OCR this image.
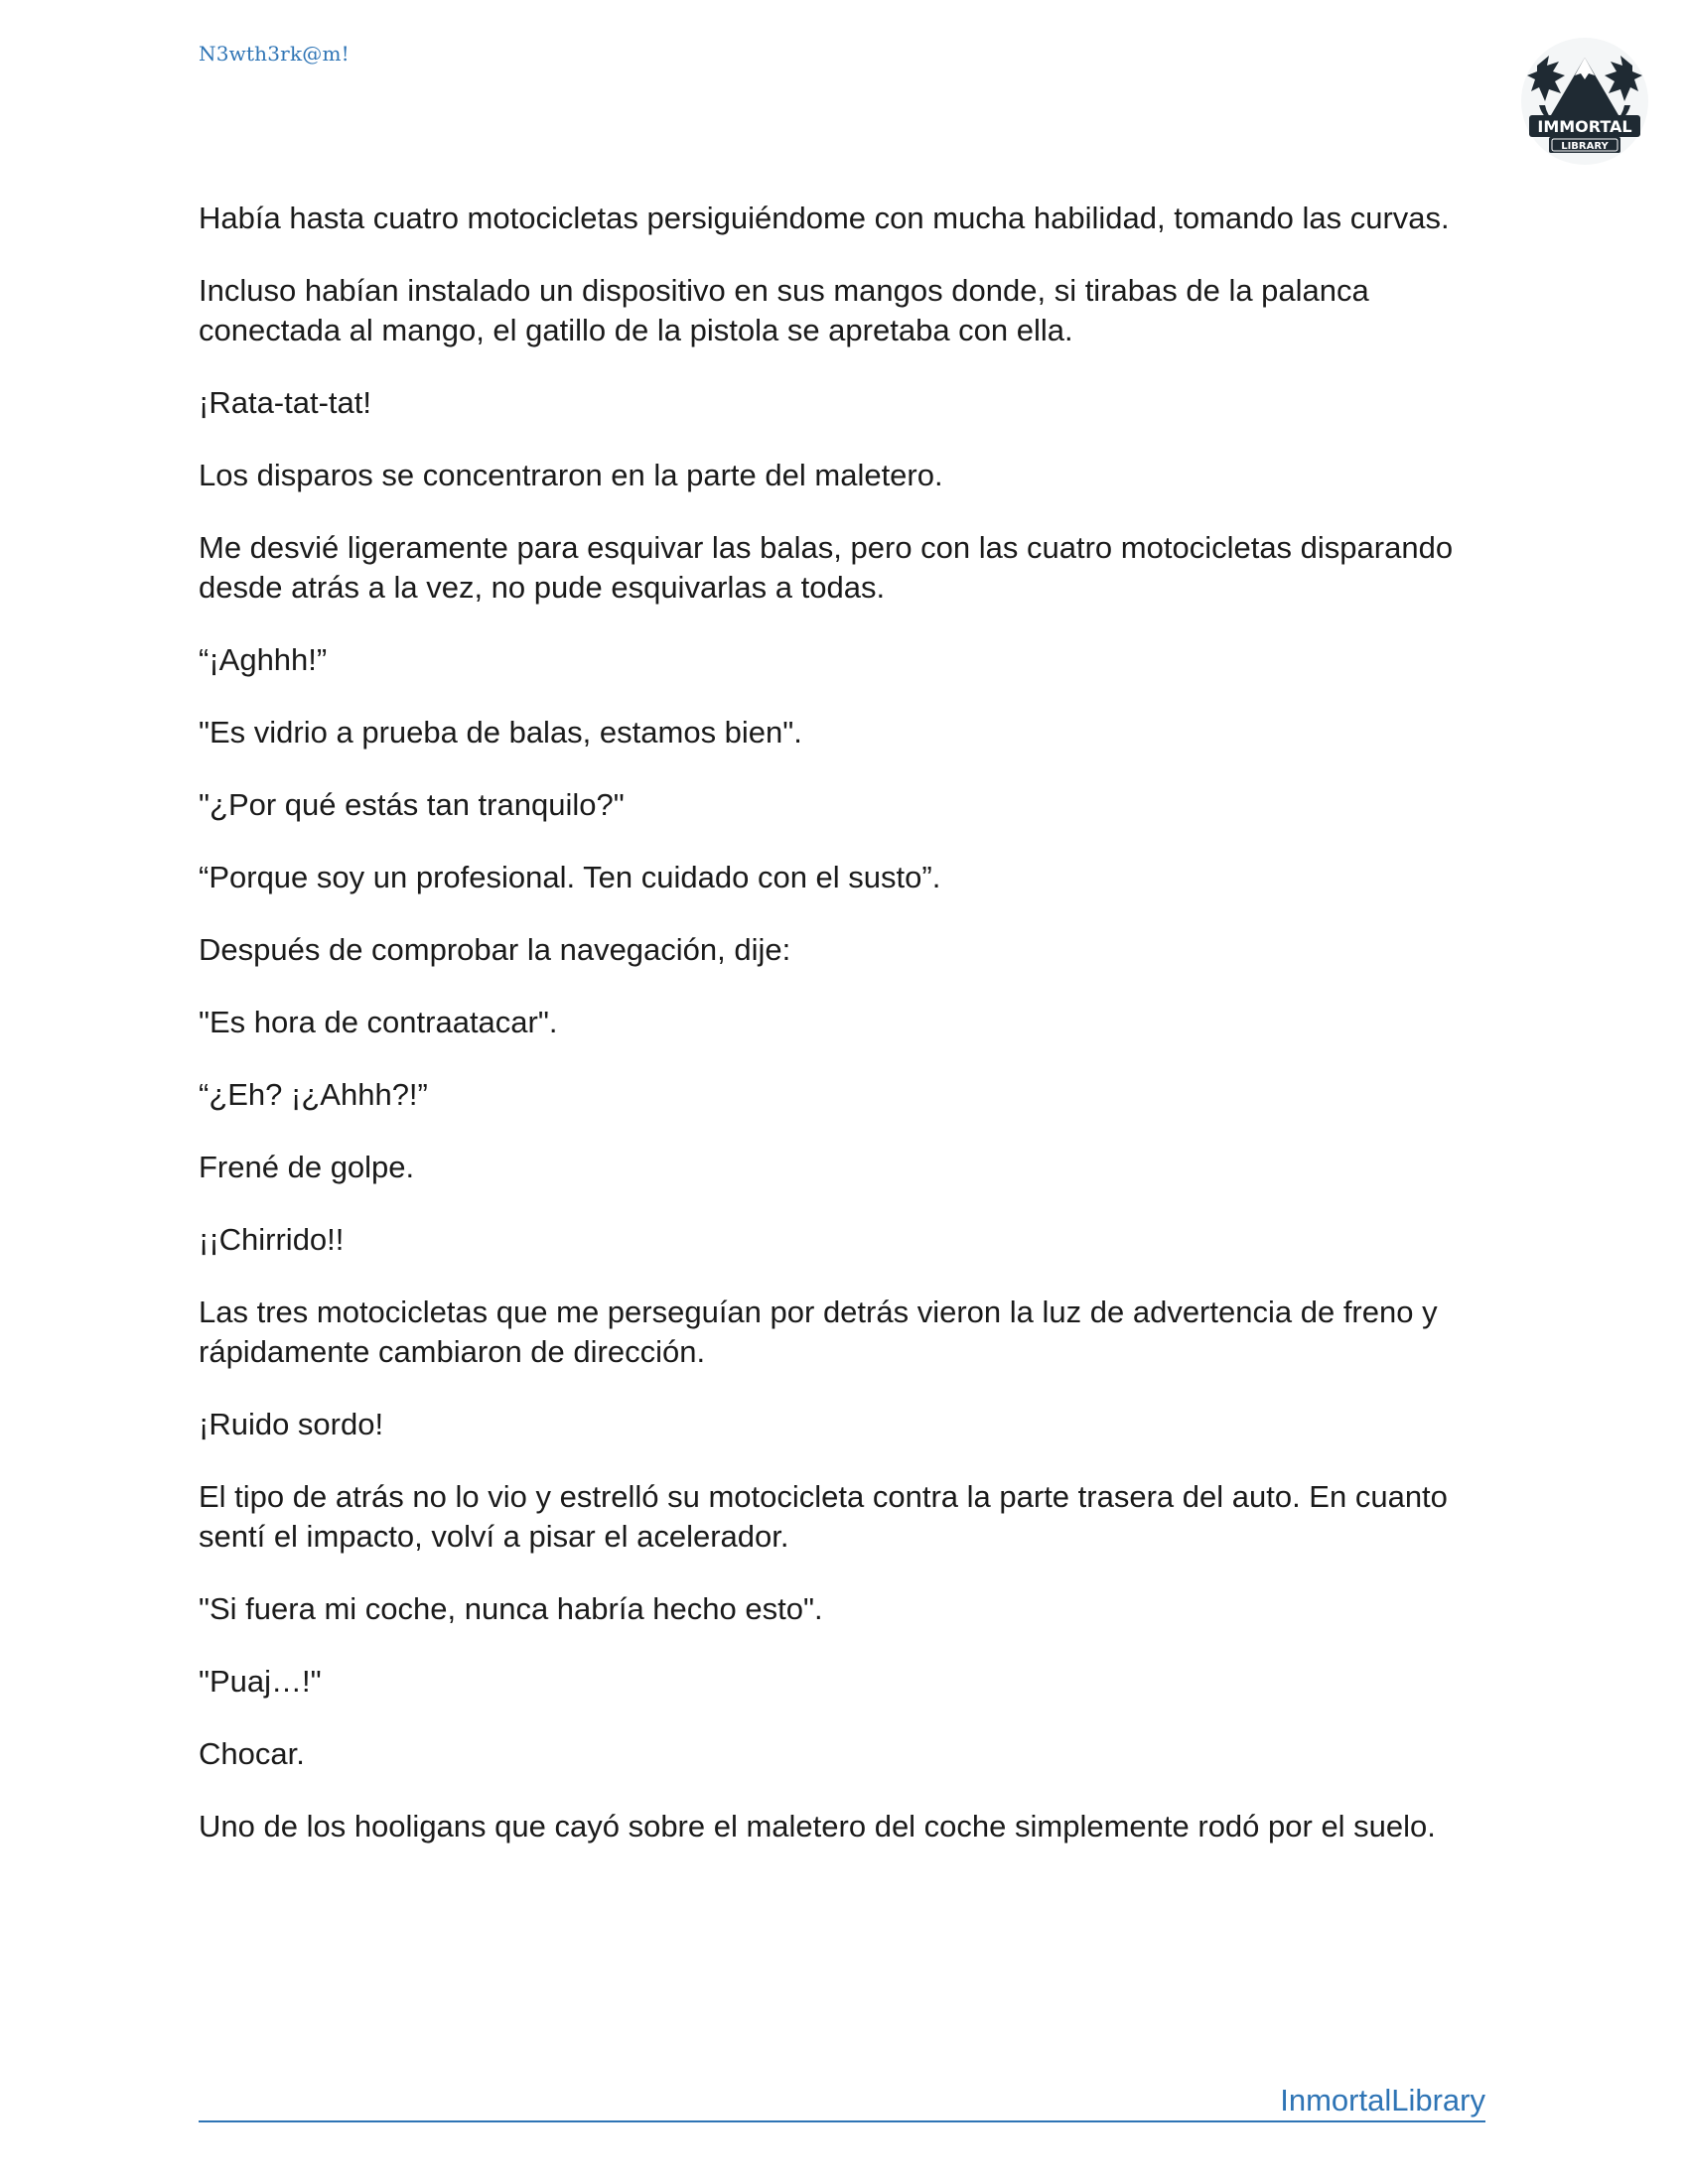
N3wth3rk@m!
IMMORTAL
LIBRARY

Había hasta cuatro motocicletas persiguiéndome con mucha habilidad, tomando las curvas.

Incluso habían instalado un dispositivo en sus mangos donde, si tirabas de la palanca conectada al mango, el gatillo de la pistola se apretaba con ella.

¡Rata-tat-tat!

Los disparos se concentraron en la parte del maletero.

Me desvié ligeramente para esquivar las balas, pero con las cuatro motocicletas disparando desde atrás a la vez, no pude esquivarlas a todas.

“¡Aghhh!”

"Es vidrio a prueba de balas, estamos bien".

"¿Por qué estás tan tranquilo?"

“Porque soy un profesional. Ten cuidado con el susto”.

Después de comprobar la navegación, dije:

"Es hora de contraatacar".

“¿Eh? ¡¿Ahhh?!”

Frené de golpe.

¡¡Chirrido!!

Las tres motocicletas que me perseguían por detrás vieron la luz de advertencia de freno y rápidamente cambiaron de dirección.

¡Ruido sordo!

El tipo de atrás no lo vio y estrelló su motocicleta contra la parte trasera del auto. En cuanto sentí el impacto, volví a pisar el acelerador.

"Si fuera mi coche, nunca habría hecho esto".

"Puaj…!"

Chocar.

Uno de los hooligans que cayó sobre el maletero del coche simplemente rodó por el suelo.

InmortalLibrary
